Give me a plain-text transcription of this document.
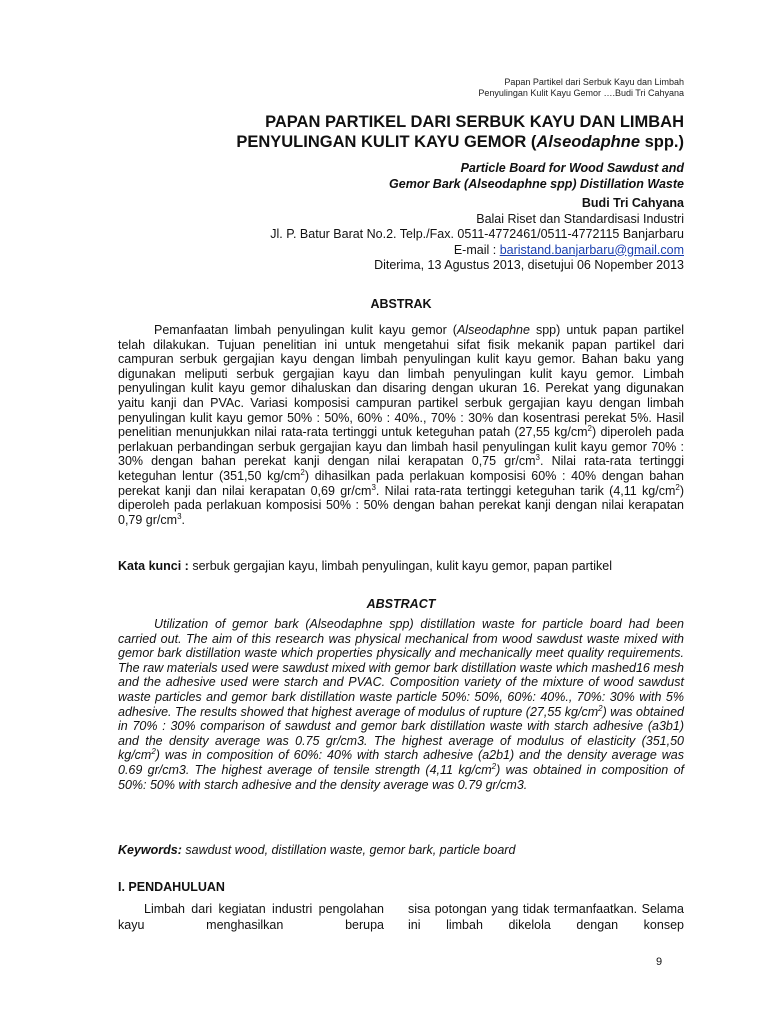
Papan Partikel dari Serbuk Kayu dan Limbah
Penyulingan Kulit Kayu Gemor ….Budi Tri Cahyana
PAPAN PARTIKEL DARI SERBUK KAYU DAN LIMBAH
PENYULINGAN KULIT KAYU GEMOR (Alseodaphne spp.)
Particle Board for Wood Sawdust and
Gemor Bark (Alseodaphne spp) Distillation Waste
Budi Tri Cahyana
Balai Riset dan Standardisasi Industri
Jl. P. Batur Barat No.2. Telp./Fax. 0511-4772461/0511-4772115 Banjarbaru
E-mail : baristand.banjarbaru@gmail.com
Diterima, 13 Agustus 2013, disetujui 06 Nopember 2013
ABSTRAK
Pemanfaatan limbah penyulingan kulit kayu gemor (Alseodaphne spp) untuk papan partikel telah dilakukan. Tujuan penelitian ini untuk mengetahui sifat fisik mekanik papan partikel dari campuran serbuk gergajian kayu dengan limbah penyulingan kulit kayu gemor. Bahan baku yang digunakan meliputi serbuk gergajian kayu dan limbah penyulingan kulit kayu gemor. Limbah penyulingan kulit kayu gemor dihaluskan dan disaring dengan ukuran 16. Perekat yang digunakan yaitu kanji dan PVAc. Variasi komposisi campuran partikel serbuk gergajian kayu dengan limbah penyulingan kulit kayu gemor 50% : 50%, 60% : 40%., 70% : 30% dan kosentrasi perekat 5%. Hasil penelitian menunjukkan nilai rata-rata tertinggi untuk keteguhan patah (27,55 $kg/cm^2$) diperoleh pada perlakuan perbandingan serbuk gergajian kayu dan limbah hasil penyulingan kulit kayu gemor 70% : 30% dengan bahan perekat kanji dengan nilai kerapatan 0,75 $gr/cm^3$. Nilai rata-rata tertinggi keteguhan lentur (351,50 $kg/cm^2$) dihasilkan pada perlakuan komposisi 60% : 40% dengan bahan perekat kanji dan nilai kerapatan 0,69 $gr/cm^3$. Nilai rata-rata tertinggi keteguhan tarik (4,11 $kg/cm^2$) diperoleh pada perlakuan komposisi 50% : 50% dengan bahan perekat kanji dengan nilai kerapatan 0,79 $gr/cm^3$.
Kata kunci : serbuk gergajian kayu, limbah penyulingan, kulit kayu gemor, papan partikel
ABSTRACT
Utilization of gemor bark (Alseodaphne spp) distillation waste for particle board had been carried out. The aim of this research was physical mechanical from wood sawdust waste mixed with gemor bark distillation waste which properties physically and mechanically meet quality requirements. The raw materials used were sawdust mixed with gemor bark distillation waste which mashed16 mesh and the adhesive used were starch and PVAC. Composition variety of the mixture of wood sawdust waste particles and gemor bark distillation waste particle 50%: 50%, 60%: 40%., 70%: 30% with 5% adhesive. The results showed that highest average of modulus of rupture (27,55 $kg/cm^2$) was obtained in 70% : 30% comparison of sawdust and gemor bark distillation waste with starch adhesive (a3b1) and the density average was 0.75 gr/cm3. The highest average of modulus of elasticity (351,50 $kg/cm^2$) was in composition of 60%: 40% with starch adhesive (a2b1) and the density average was 0.69 gr/cm3. The highest average of tensile strength (4,11 $kg/cm^2$) was obtained in composition of 50%: 50% with starch adhesive and the density average was 0.79 gr/cm3.
Keywords: sawdust wood, distillation waste, gemor bark, particle board
I. PENDAHULUAN
Limbah dari kegiatan industri pengolahan kayu menghasilkan berupa
sisa potongan yang tidak termanfaatkan. Selama ini limbah dikelola dengan konsep
9
